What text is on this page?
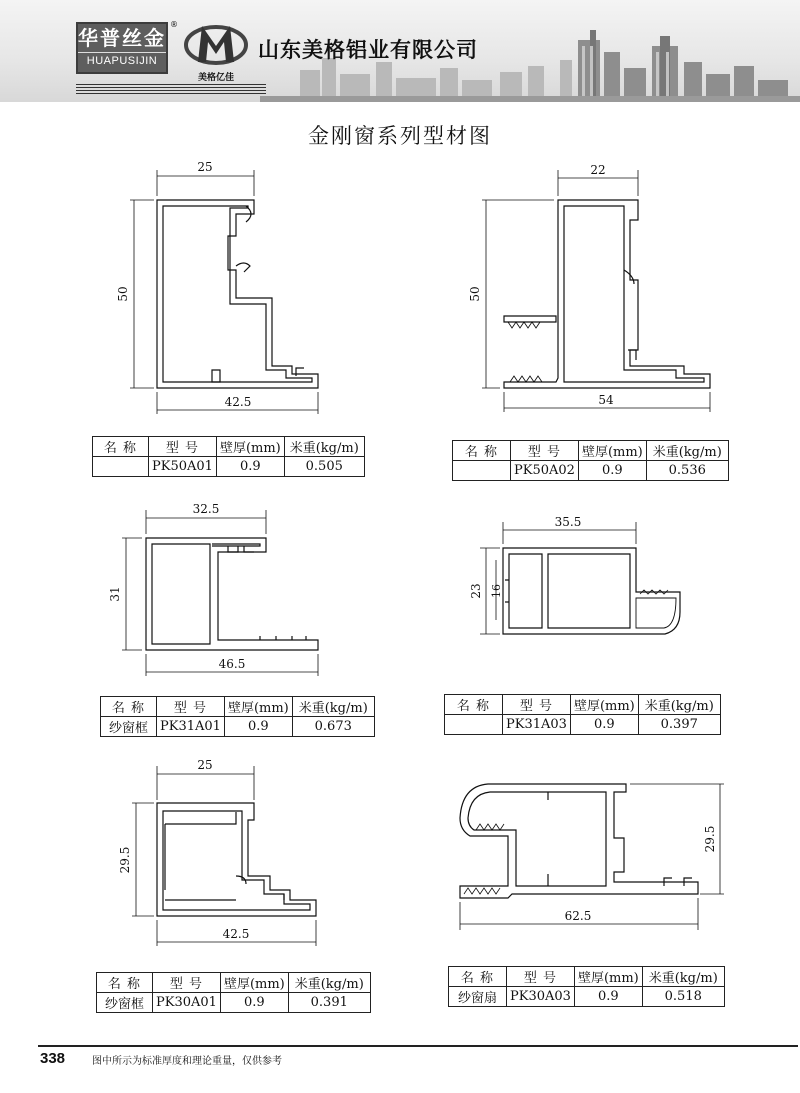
华普丝金
HUAPUSIJIN
®
美格亿佳
山东美格铝业有限公司
金刚窗系列型材图
25
50
42.5
22
50
54
32.5
31
46.5
35.5
23 16
25
29.5
42.5
29.5
62.5
名 称	型 号	壁厚(mm)	米重(kg/m)
	PK50A01	0.9	0.505
名 称	型 号	壁厚(mm)	米重(kg/m)
	PK50A02	0.9	0.536
名 称	型 号	壁厚(mm)	米重(kg/m)
纱窗框	PK31A01	0.9	0.673
名 称	型 号	壁厚(mm)	米重(kg/m)
	PK31A03	0.9	0.397
名 称	型 号	壁厚(mm)	米重(kg/m)
纱窗框	PK30A01	0.9	0.391
名 称	型 号	壁厚(mm)	米重(kg/m)
纱窗扇	PK30A03	0.9	0.518
338	图中所示为标准厚度和理论重量，仅供参考
